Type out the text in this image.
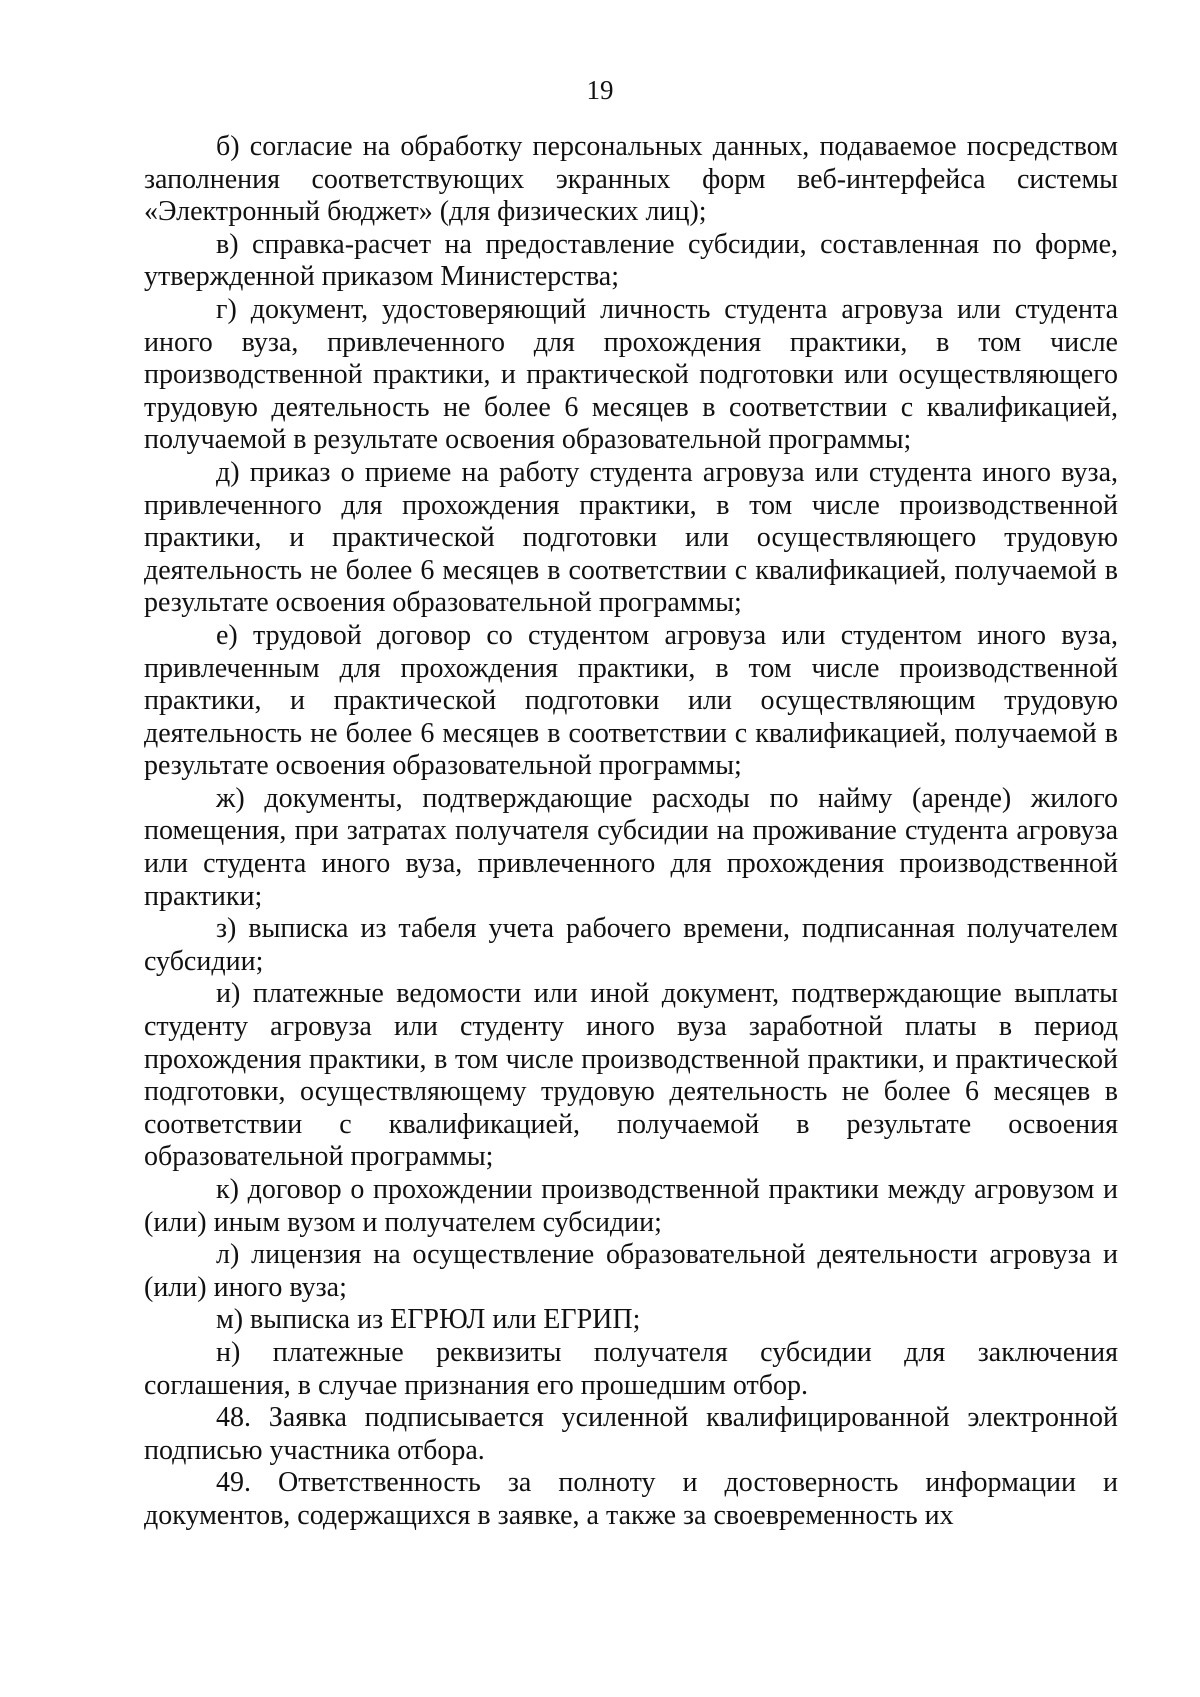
19

б) согласие на обработку персональных данных, подаваемое посредством заполнения соответствующих экранных форм веб-интерфейса системы «Электронный бюджет» (для физических лиц);

в) справка-расчет на предоставление субсидии, составленная по форме, утвержденной приказом Министерства;

г) документ, удостоверяющий личность студента агровуза или студента иного вуза, привлеченного для прохождения практики, в том числе производственной практики, и практической подготовки или осуществляющего трудовую деятельность не более 6 месяцев в соответствии с квалификацией, получаемой в результате освоения образовательной программы;

д) приказ о приеме на работу студента агровуза или студента иного вуза, привлеченного для прохождения практики, в том числе производственной практики, и практической подготовки или осуществляющего трудовую деятельность не более 6 месяцев в соответствии с квалификацией, получаемой в результате освоения образовательной программы;

е) трудовой договор со студентом агровуза или студентом иного вуза, привлеченным для прохождения практики, в том числе производственной практики, и практической подготовки или осуществляющим трудовую деятельность не более 6 месяцев в соответствии с квалификацией, получаемой в результате освоения образовательной программы;

ж) документы, подтверждающие расходы по найму (аренде) жилого помещения, при затратах получателя субсидии на проживание студента агровуза или студента иного вуза, привлеченного для прохождения производственной практики;

з) выписка из табеля учета рабочего времени, подписанная получателем субсидии;

и) платежные ведомости или иной документ, подтверждающие выплаты студенту агровуза или студенту иного вуза заработной платы в период прохождения практики, в том числе производственной практики, и практической подготовки, осуществляющему трудовую деятельность не более 6 месяцев в соответствии с квалификацией, получаемой в результате освоения образовательной программы;

к) договор о прохождении производственной практики между агровузом и (или) иным вузом и получателем субсидии;

л) лицензия на осуществление образовательной деятельности агровуза и (или) иного вуза;

м) выписка из ЕГРЮЛ или ЕГРИП;

н) платежные реквизиты получателя субсидии для заключения соглашения, в случае признания его прошедшим отбор.

48. Заявка подписывается усиленной квалифицированной электронной подписью участника отбора.

49. Ответственность за полноту и достоверность информации и документов, содержащихся в заявке, а также за своевременность их
